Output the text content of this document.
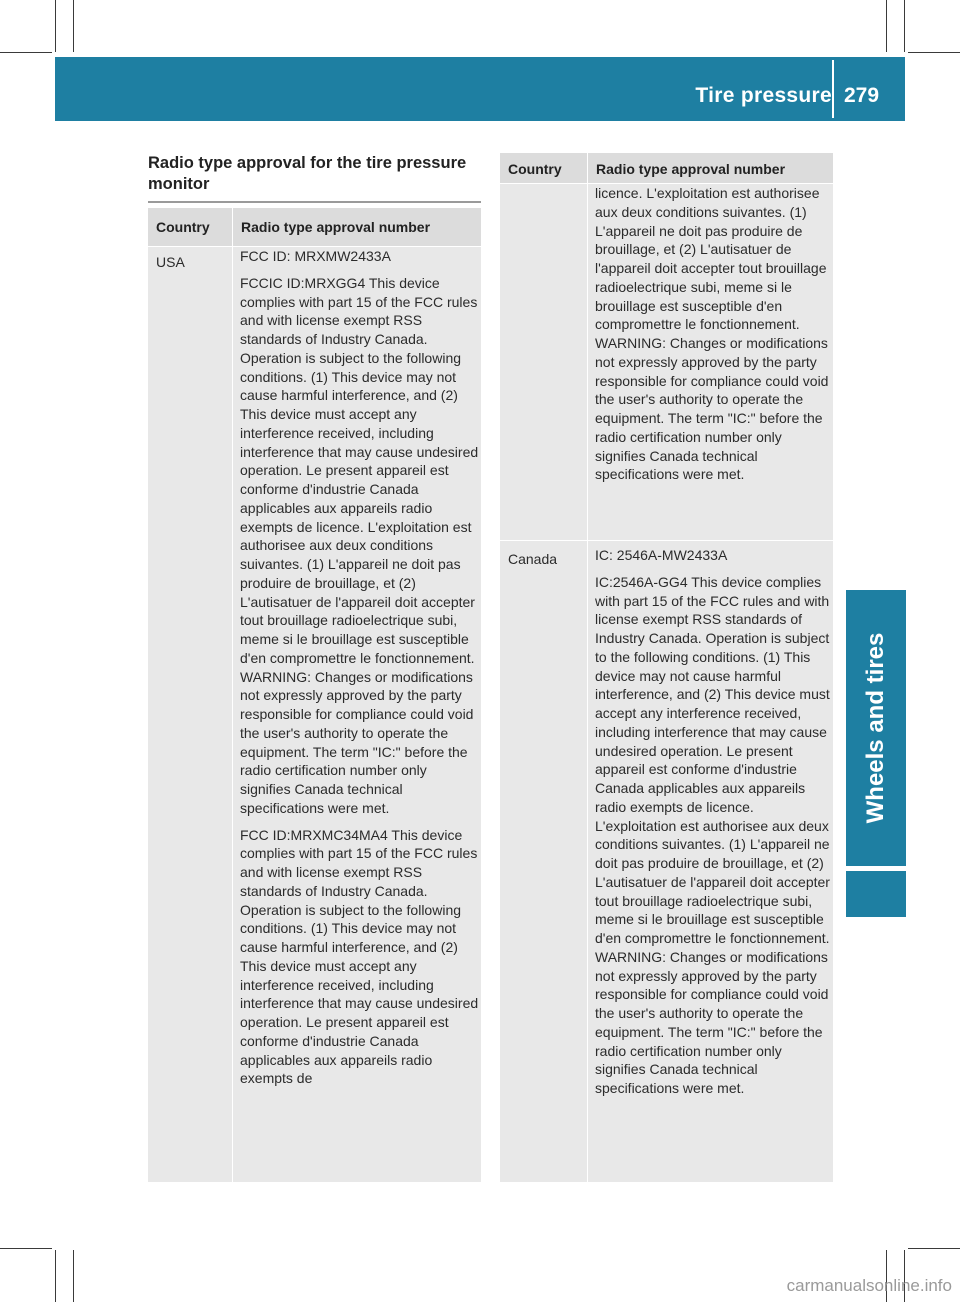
Tire pressure 279
Wheels and tires
Radio type approval for the tire pressure monitor
Country Radio type approval number
USA	FCC ID: MRXMW2433A

FCCIC ID:MRXGG4 This device complies with part 15 of the FCC rules and with license exempt RSS standards of Industry Canada. Operation is subject to the following conditions. (1) This device may not cause harmful interference, and (2) This device must accept any interference received, including interference that may cause undesired operation. Le present appareil est conforme d'industrie Canada applicables aux appareils radio exempts de licence. L'exploitation est authorisee aux deux conditions suivantes. (1) L'appareil ne doit pas produire de brouillage, et (2) L'autisatuer de l'appareil doit accepter tout brouillage radioelectrique subi, meme si le brouillage est susceptible d'en compromettre le fonctionnement. WARNING: Changes or modifications not expressly approved by the party responsible for compliance could void the user's authority to operate the equipment. The term "IC:" before the radio certification number only signifies Canada technical specifications were met.

FCC ID:MRXMC34MA4 This device complies with part 15 of the FCC rules and with license exempt RSS standards of Industry Canada. Operation is subject to the following conditions. (1) This device may not cause harmful interference, and (2) This device must accept any interference received, including interference that may cause undesired operation. Le present appareil est conforme d'industrie Canada applicables aux appareils radio exempts de

Country Radio type approval number

licence. L'exploitation est authorisee aux deux conditions suivantes. (1) L'appareil ne doit pas produire de brouillage, et (2) L'autisatuer de l'appareil doit accepter tout brouillage radioelectrique subi, meme si le brouillage est susceptible d'en compromettre le fonctionnement. WARNING: Changes or modifications not expressly approved by the party responsible for compliance could void the user's authority to operate the equipment. The term "IC:" before the radio certification number only signifies Canada technical specifications were met.

Canada	IC: 2546A-MW2433A

IC:2546A-GG4 This device complies with part 15 of the FCC rules and with license exempt RSS standards of Industry Canada. Operation is subject to the following conditions. (1) This device may not cause harmful interference, and (2) This device must accept any interference received, including interference that may cause undesired operation. Le present appareil est conforme d'industrie Canada applicables aux appareils radio exempts de licence. L'exploitation est authorisee aux deux conditions suivantes. (1) L'appareil ne doit pas produire de brouillage, et (2) L'autisatuer de l'appareil doit accepter tout brouillage radioelectrique subi, meme si le brouillage est susceptible d'en compromettre le fonctionnement. WARNING: Changes or modifications not expressly approved by the party responsible for compliance could void the user's authority to operate the equipment. The term "IC:" before the radio certification number only signifies Canada technical specifications were met.

carmanualsonline.info
